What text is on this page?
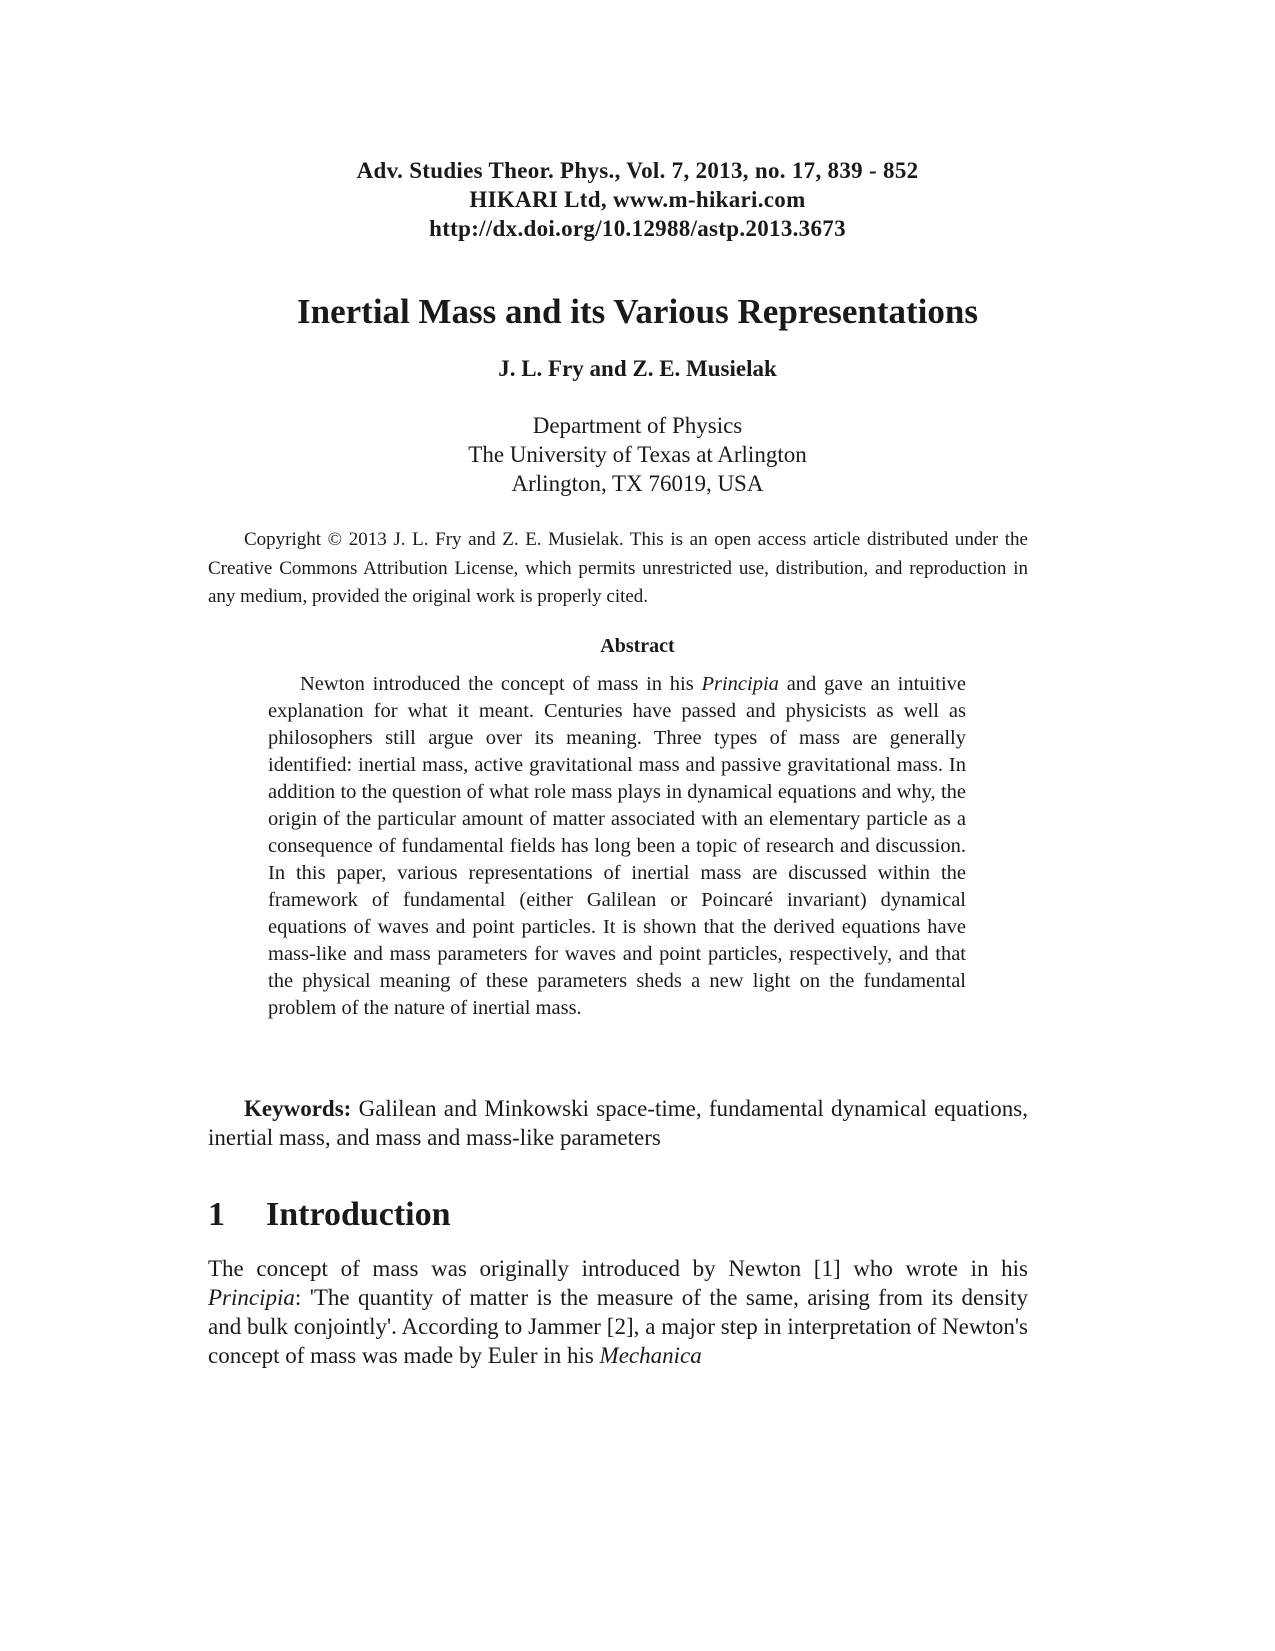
Adv. Studies Theor. Phys., Vol. 7, 2013, no. 17, 839 - 852
HIKARI Ltd, www.m-hikari.com
http://dx.doi.org/10.12988/astp.2013.3673
Inertial Mass and its Various Representations
J. L. Fry and Z. E. Musielak
Department of Physics
The University of Texas at Arlington
Arlington, TX 76019, USA
Copyright © 2013 J. L. Fry and Z. E. Musielak. This is an open access article distributed under the Creative Commons Attribution License, which permits unrestricted use, distribution, and reproduction in any medium, provided the original work is properly cited.
Abstract
Newton introduced the concept of mass in his Principia and gave an intuitive explanation for what it meant. Centuries have passed and physicists as well as philosophers still argue over its meaning. Three types of mass are generally identified: inertial mass, active gravitational mass and passive gravitational mass. In addition to the question of what role mass plays in dynamical equations and why, the origin of the particular amount of matter associated with an elementary particle as a consequence of fundamental fields has long been a topic of research and discussion. In this paper, various representations of inertial mass are discussed within the framework of fundamental (either Galilean or Poincaré invariant) dynamical equations of waves and point particles. It is shown that the derived equations have mass-like and mass parameters for waves and point particles, respectively, and that the physical meaning of these parameters sheds a new light on the fundamental problem of the nature of inertial mass.
Keywords: Galilean and Minkowski space-time, fundamental dynamical equations, inertial mass, and mass and mass-like parameters
1 Introduction
The concept of mass was originally introduced by Newton [1] who wrote in his Principia: 'The quantity of matter is the measure of the same, arising from its density and bulk conjointly'. According to Jammer [2], a major step in interpretation of Newton's concept of mass was made by Euler in his Mechanica
